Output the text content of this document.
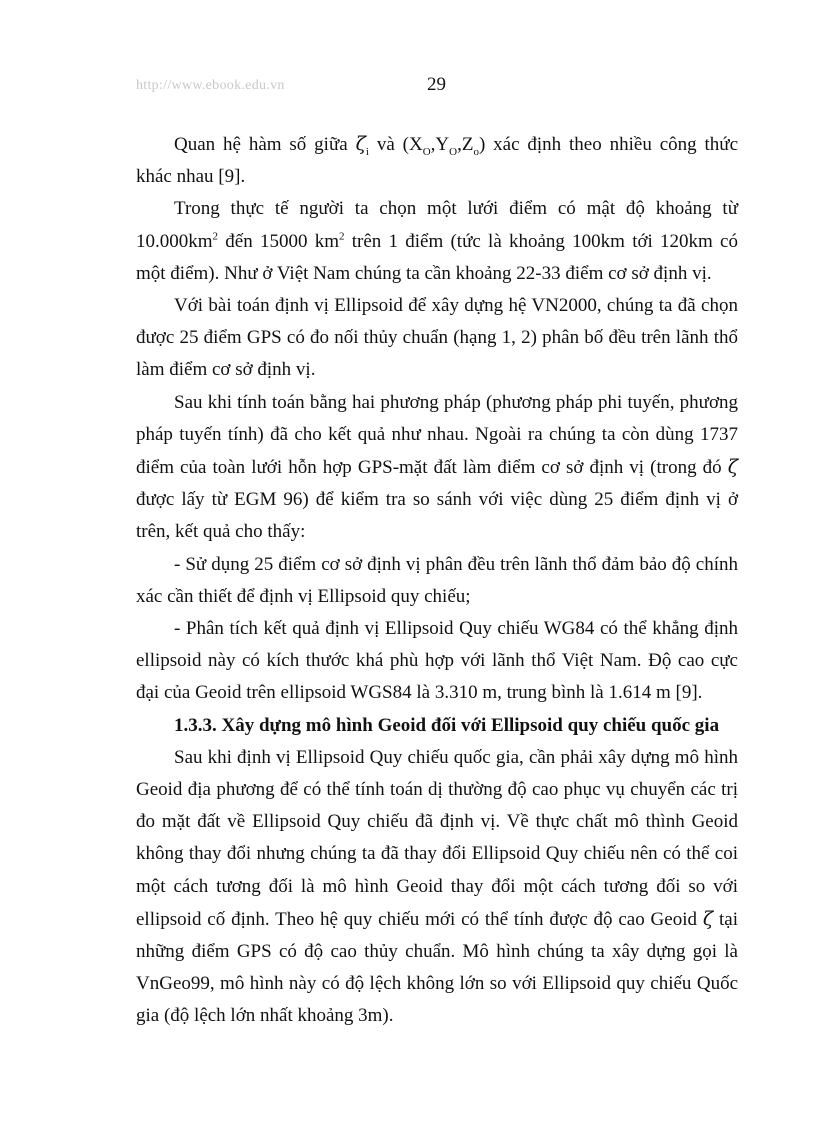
http://www.ebook.edu.vn	29

Quan hệ hàm số giữa $\zeta_i$ và $(X_O,Y_O,Z_o)$ xác định theo nhiều công thức khác nhau [9].

Trong thực tế người ta chọn một lưới điểm có mật độ khoảng từ $10.000km^2$ đến 15000 $km^2$ trên 1 điểm (tức là khoảng 100km tới 120km có một điểm). Như ở Việt Nam chúng ta cần khoảng 22-33 điểm cơ sở định vị.

Với bài toán định vị Ellipsoid để xây dựng hệ VN2000, chúng ta đã chọn được 25 điểm GPS có đo nối thủy chuẩn (hạng 1, 2) phân bố đều trên lãnh thổ làm điểm cơ sở định vị.

Sau khi tính toán bằng hai phương pháp (phương pháp phi tuyến, phương pháp tuyến tính) đã cho kết quả như nhau. Ngoài ra chúng ta còn dùng 1737 điểm của toàn lưới hỗn hợp GPS-mặt đất làm điểm cơ sở định vị (trong đó ζ được lấy từ EGM 96) để kiểm tra so sánh với việc dùng 25 điểm định vị ở trên, kết quả cho thấy:

- Sử dụng 25 điểm cơ sở định vị phân đều trên lãnh thổ đảm bảo độ chính xác cần thiết để định vị Ellipsoid quy chiếu;

- Phân tích kết quả định vị Ellipsoid Quy chiếu WG84 có thể khẳng định ellipsoid này có kích thước khá phù hợp với lãnh thổ Việt Nam. Độ cao cực đại của Geoid trên ellipsoid WGS84 là 3.310 m, trung bình là 1.614 m [9].

1.3.3. Xây dựng mô hình Geoid đối với Ellipsoid quy chiếu quốc gia

Sau khi định vị Ellipsoid Quy chiếu quốc gia, cần phải xây dựng mô hình Geoid địa phương để có thể tính toán dị thường độ cao phục vụ chuyển các trị đo mặt đất về Ellipsoid Quy chiếu đã định vị. Về thực chất mô thình Geoid không thay đổi nhưng chúng ta đã thay đổi Ellipsoid Quy chiếu nên có thể coi một cách tương đối là mô hình Geoid thay đổi một cách tương đối so với ellipsoid cố định. Theo hệ quy chiếu mới có thể tính được độ cao Geoid ζ tại những điểm GPS có độ cao thủy chuẩn. Mô hình chúng ta xây dựng gọi là VnGeo99, mô hình này có độ lệch không lớn so với Ellipsoid quy chiếu Quốc gia (độ lệch lớn nhất khoảng 3m).
